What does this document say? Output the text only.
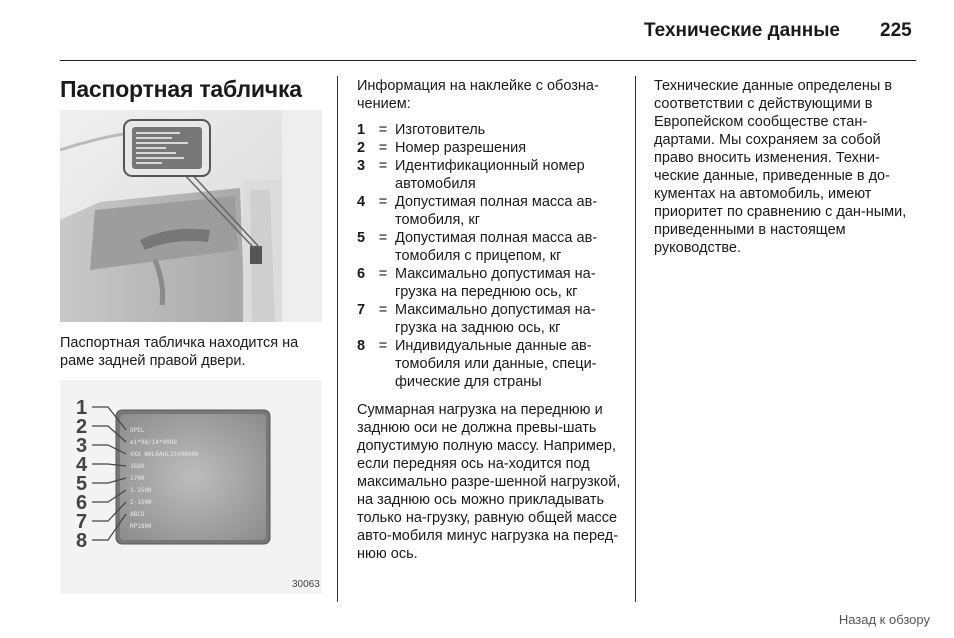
Технические данные 225
Паспортная табличка
Паспортная табличка находится на раме задней правой двери.
OPEL
e1*98/14*0088
VXX W0L0AHL35V00000
1680
1700
1-1500
2-1500
ABCD
RP1800
1
2
3
4
5
6
7
8
30063

Информация на наклейке с обозна-чением:

1 = Изготовитель
2 = Номер разрешения
3 = Идентификационный номер автомобиля
4 = Допустимая полная масса ав-томобиля, кг
5 = Допустимая полная масса ав-томобиля с прицепом, кг
6 = Максимально допустимая на-грузка на переднюю ось, кг
7 = Максимально допустимая на-грузка на заднюю ось, кг
8 = Индивидуальные данные ав-томобиля или данные, специ-фические для страны

Суммарная нагрузка на переднюю и заднюю оси не должна превы-шать допустимую полную массу. Например, если передняя ось на-ходится под максимально разре-шенной нагрузкой, на заднюю ось можно прикладывать только на-грузку, равную общей массе авто-мобиля минус нагрузка на перед-нюю ось.

Технические данные определены в соответствии с действующими в Европейском сообществе стан-дартами. Мы сохраняем за собой право вносить изменения. Техни-ческие данные, приведенные в до-кументах на автомобиль, имеют приоритет по сравнению с дан-ными, приведенными в настоящем руководстве.
Назад к обзору
